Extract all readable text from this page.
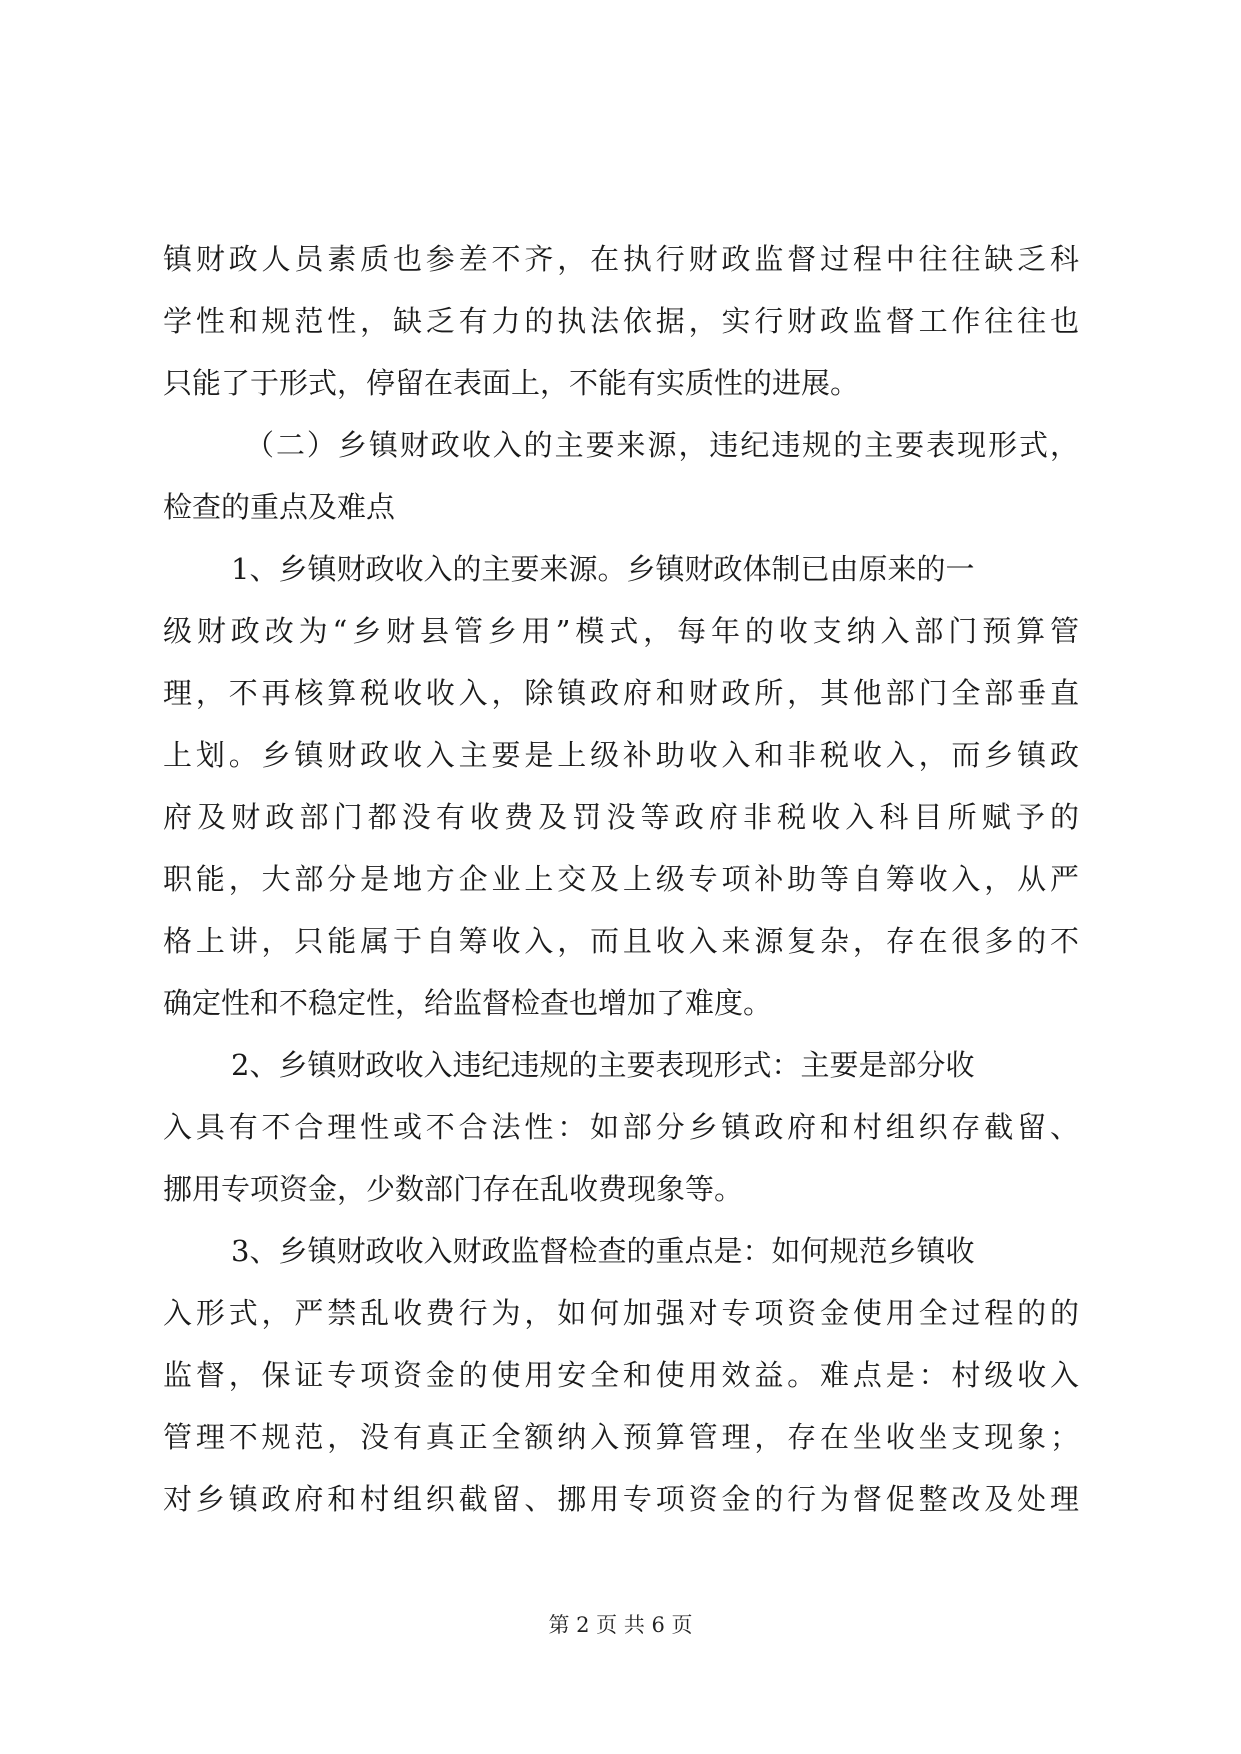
镇财政人员素质也参差不齐，在执行财政监督过程中往往缺乏科
学性和规范性，缺乏有力的执法依据，实行财政监督工作往往也
只能了于形式，停留在表面上，不能有实质性的进展。
（二）乡镇财政收入的主要来源，违纪违规的主要表现形式，
检查的重点及难点
1、乡镇财政收入的主要来源。乡镇财政体制已由原来的一
级财政改为“乡财县管乡用”模式，每年的收支纳入部门预算管
理，不再核算税收收入，除镇政府和财政所，其他部门全部垂直
上划。乡镇财政收入主要是上级补助收入和非税收入，而乡镇政
府及财政部门都没有收费及罚没等政府非税收入科目所赋予的
职能，大部分是地方企业上交及上级专项补助等自筹收入，从严
格上讲，只能属于自筹收入，而且收入来源复杂，存在很多的不
确定性和不稳定性，给监督检查也增加了难度。
2、乡镇财政收入违纪违规的主要表现形式：主要是部分收
入具有不合理性或不合法性：如部分乡镇政府和村组织存截留、
挪用专项资金，少数部门存在乱收费现象等。
3、乡镇财政收入财政监督检查的重点是：如何规范乡镇收
入形式，严禁乱收费行为，如何加强对专项资金使用全过程的的
监督，保证专项资金的使用安全和使用效益。难点是：村级收入
管理不规范，没有真正全额纳入预算管理，存在坐收坐支现象；
对乡镇政府和村组织截留、挪用专项资金的行为督促整改及处理
第 2 页 共 6 页
